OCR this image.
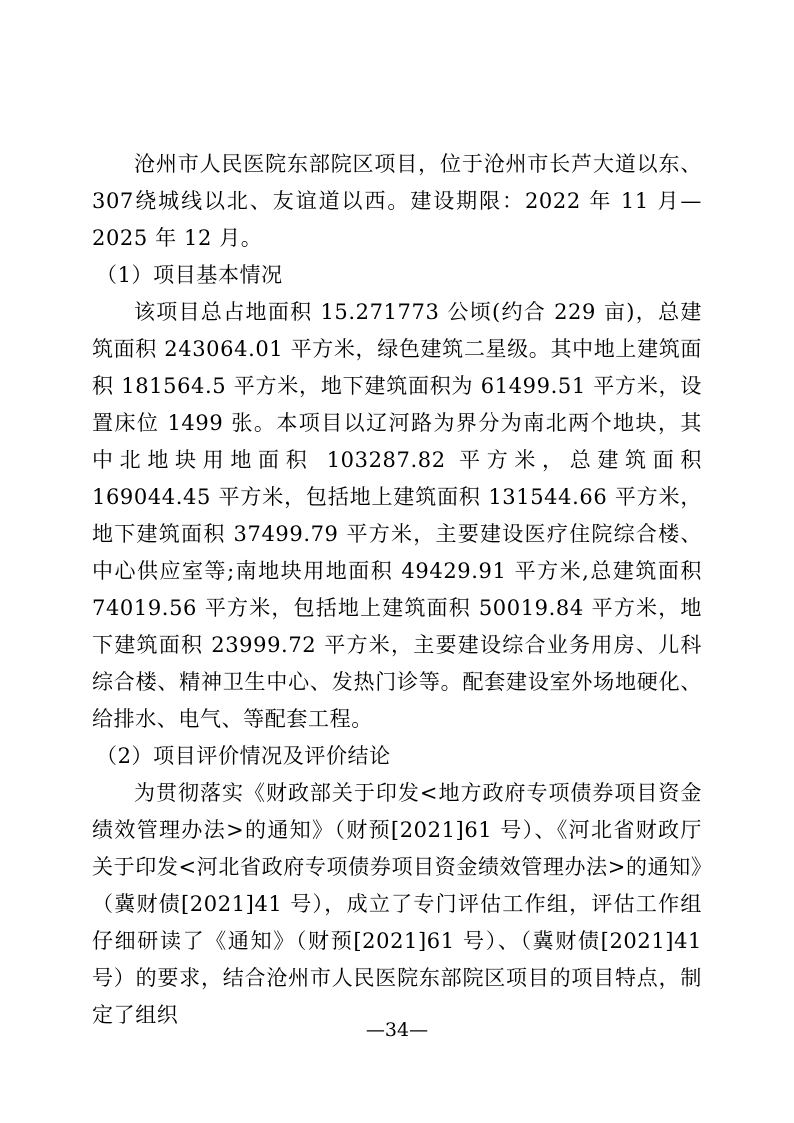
沧州市人民医院东部院区项目，位于沧州市长芦大道以东、307绕城线以北、友谊道以西。建设期限：2022 年 11 月—2025 年 12 月。

（1）项目基本情况

该项目总占地面积 15.271773 公顷(约合 229 亩)，总建筑面积 243064.01 平方米，绿色建筑二星级。其中地上建筑面积 181564.5 平方米，地下建筑面积为 61499.51 平方米，设置床位 1499 张。本项目以辽河路为界分为南北两个地块，其中北地块用地面积 103287.82 平方米，总建筑面积 169044.45 平方米，包括地上建筑面积 131544.66 平方米，地下建筑面积 37499.79 平方米，主要建设医疗住院综合楼、中心供应室等;南地块用地面积 49429.91 平方米,总建筑面积 74019.56 平方米，包括地上建筑面积 50019.84 平方米，地下建筑面积 23999.72 平方米，主要建设综合业务用房、儿科综合楼、精神卫生中心、发热门诊等。配套建设室外场地硬化、给排水、电气、等配套工程。

（2）项目评价情况及评价结论

为贯彻落实《财政部关于印发<地方政府专项债券项目资金绩效管理办法>的通知》（财预[2021]61 号）、《河北省财政厅关于印发<河北省政府专项债券项目资金绩效管理办法>的通知》（冀财债[2021]41 号），成立了专门评估工作组，评估工作组仔细研读了《通知》（财预[2021]61 号）、（冀财债[2021]41 号）的要求，结合沧州市人民医院东部院区项目的项目特点，制定了组织

—34—
